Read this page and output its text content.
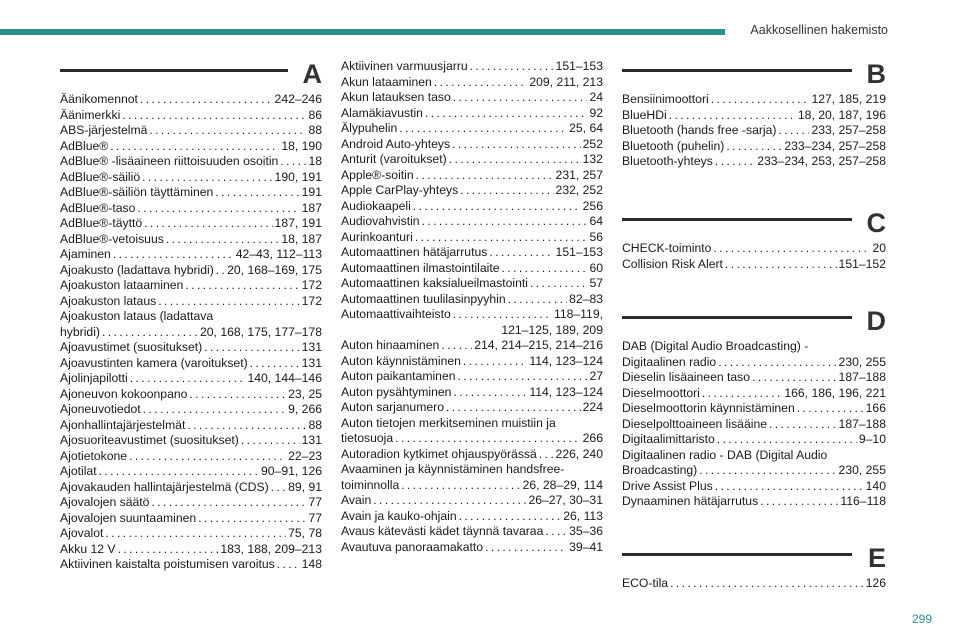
Aakkosellinen hakemisto
A
Äänikomennot . . .	242–246
Äänimerkki . . .	86
ABS-järjestelmä . . .	88
AdBlue® . . .	18, 190
AdBlue® -lisäaineen riittoisuuden osoitin . . . 18
AdBlue®-säiliö . . .	190, 191
AdBlue®-säiliön täyttäminen . . .	191
AdBlue®-taso . . .	187
AdBlue®-täyttö . . .	187, 191
AdBlue®-vetoisuus . . .	18, 187
Ajaminen . . .	42–43, 112–113
Ajoakusto (ladattava hybridi) . . . 20, 168–169, 175
Ajoakuston lataaminen . . .	172
Ajoakuston lataus . . .	172
Ajoakuston lataus (ladattava
hybridi) . . .	20, 168, 175, 177–178
Ajoavustimet (suositukset) . . .	131
Ajoavustinten kamera (varoitukset) . . .	131
Ajolinjapilotti . . .	140, 144–146
Ajoneuvon kokoonpano . . .	23, 25
Ajoneuvotiedot . . .	9, 266
Ajonhallintajärjestelmät . . .	88
Ajosuoriteavustimet (suositukset) . . .	131
Ajotietokone . . .	22–23
Ajotilat . . .	90–91, 126
Ajovakauden hallintajärjestelmä (CDS) . . . 89, 91
Ajovalojen säätö . . .	77
Ajovalojen suuntaaminen . . .	77
Ajovalot . . .	75, 78
Akku 12 V . . .	183, 188, 209–213
Aktiivinen kaistalta poistumisen varoitus . . . 148
Aktiivinen varmuusjarru . . .	151–153
Akun lataaminen . . .	209, 211, 213
Akun latauksen taso . . .	24
Alamäkiavustin . . .	92
Älypuhelin . . .	25, 64
Android Auto-yhteys . . .	252
Anturit (varoitukset) . . .	132
Apple®-soitin . . .	231, 257
Apple CarPlay-yhteys . . .	232, 252
Audiokaapeli . . .	256
Audiovahvistin . . .	64
Aurinkoanturi . . .	56
Automaattinen hätäjarrutus . . .	151–153
Automaattinen ilmastointilaite . . .	60
Automaattinen kaksialueilmastointi . . .	57
Automaattinen tuulilasinpyyhin . . .	82–83
Automaattivaihteisto . . .	118–119,
121–125, 189, 209
Auton hinaaminen . . .	214, 214–215, 214–216
Auton käynnistäminen . . .	114, 123–124
Auton paikantaminen . . .	27
Auton pysähtyminen . . .	114, 123–124
Auton sarjanumero . . .	224
Auton tietojen merkitseminen muistiin ja
tietosuoja . . .	266
Autoradion kytkimet ohjauspyörässä . . . 226, 240
Avaaminen ja käynnistäminen handsfree-
toiminnolla . . .	26, 28–29, 114
Avain . . .	26–27, 30–31
Avain ja kauko-ohjain . . .	26, 113
Avaus kätevästi kädet täynnä tavaraa . . . 35–36
Avautuva panoraamakatto . . .	39–41
B
Bensiinimoottori . . .	127, 185, 219
BlueHDi . . .	18, 20, 187, 196
Bluetooth (hands free -sarja) . . .	233, 257–258
Bluetooth (puhelin) . . .	233–234, 257–258
Bluetooth-yhteys . . .	233–234, 253, 257–258
C
CHECK-toiminto . . .	20
Collision Risk Alert . . .	151–152
D
DAB (Digital Audio Broadcasting) -
Digitaalinen radio . . .	230, 255
Dieselin lisäaineen taso . . .	187–188
Dieselmoottori . . .	166, 186, 196, 221
Dieselmoottorin käynnistäminen . . .	166
Dieselpolttoaineen lisääine . . .	187–188
Digitaalimittaristo . . .	9–10
Digitaalinen radio - DAB (Digital Audio
Broadcasting) . . .	230, 255
Drive Assist Plus . . .	140
Dynaaminen hätäjarrutus . . .	116–118
E
ECO-tila . . .	126
299
